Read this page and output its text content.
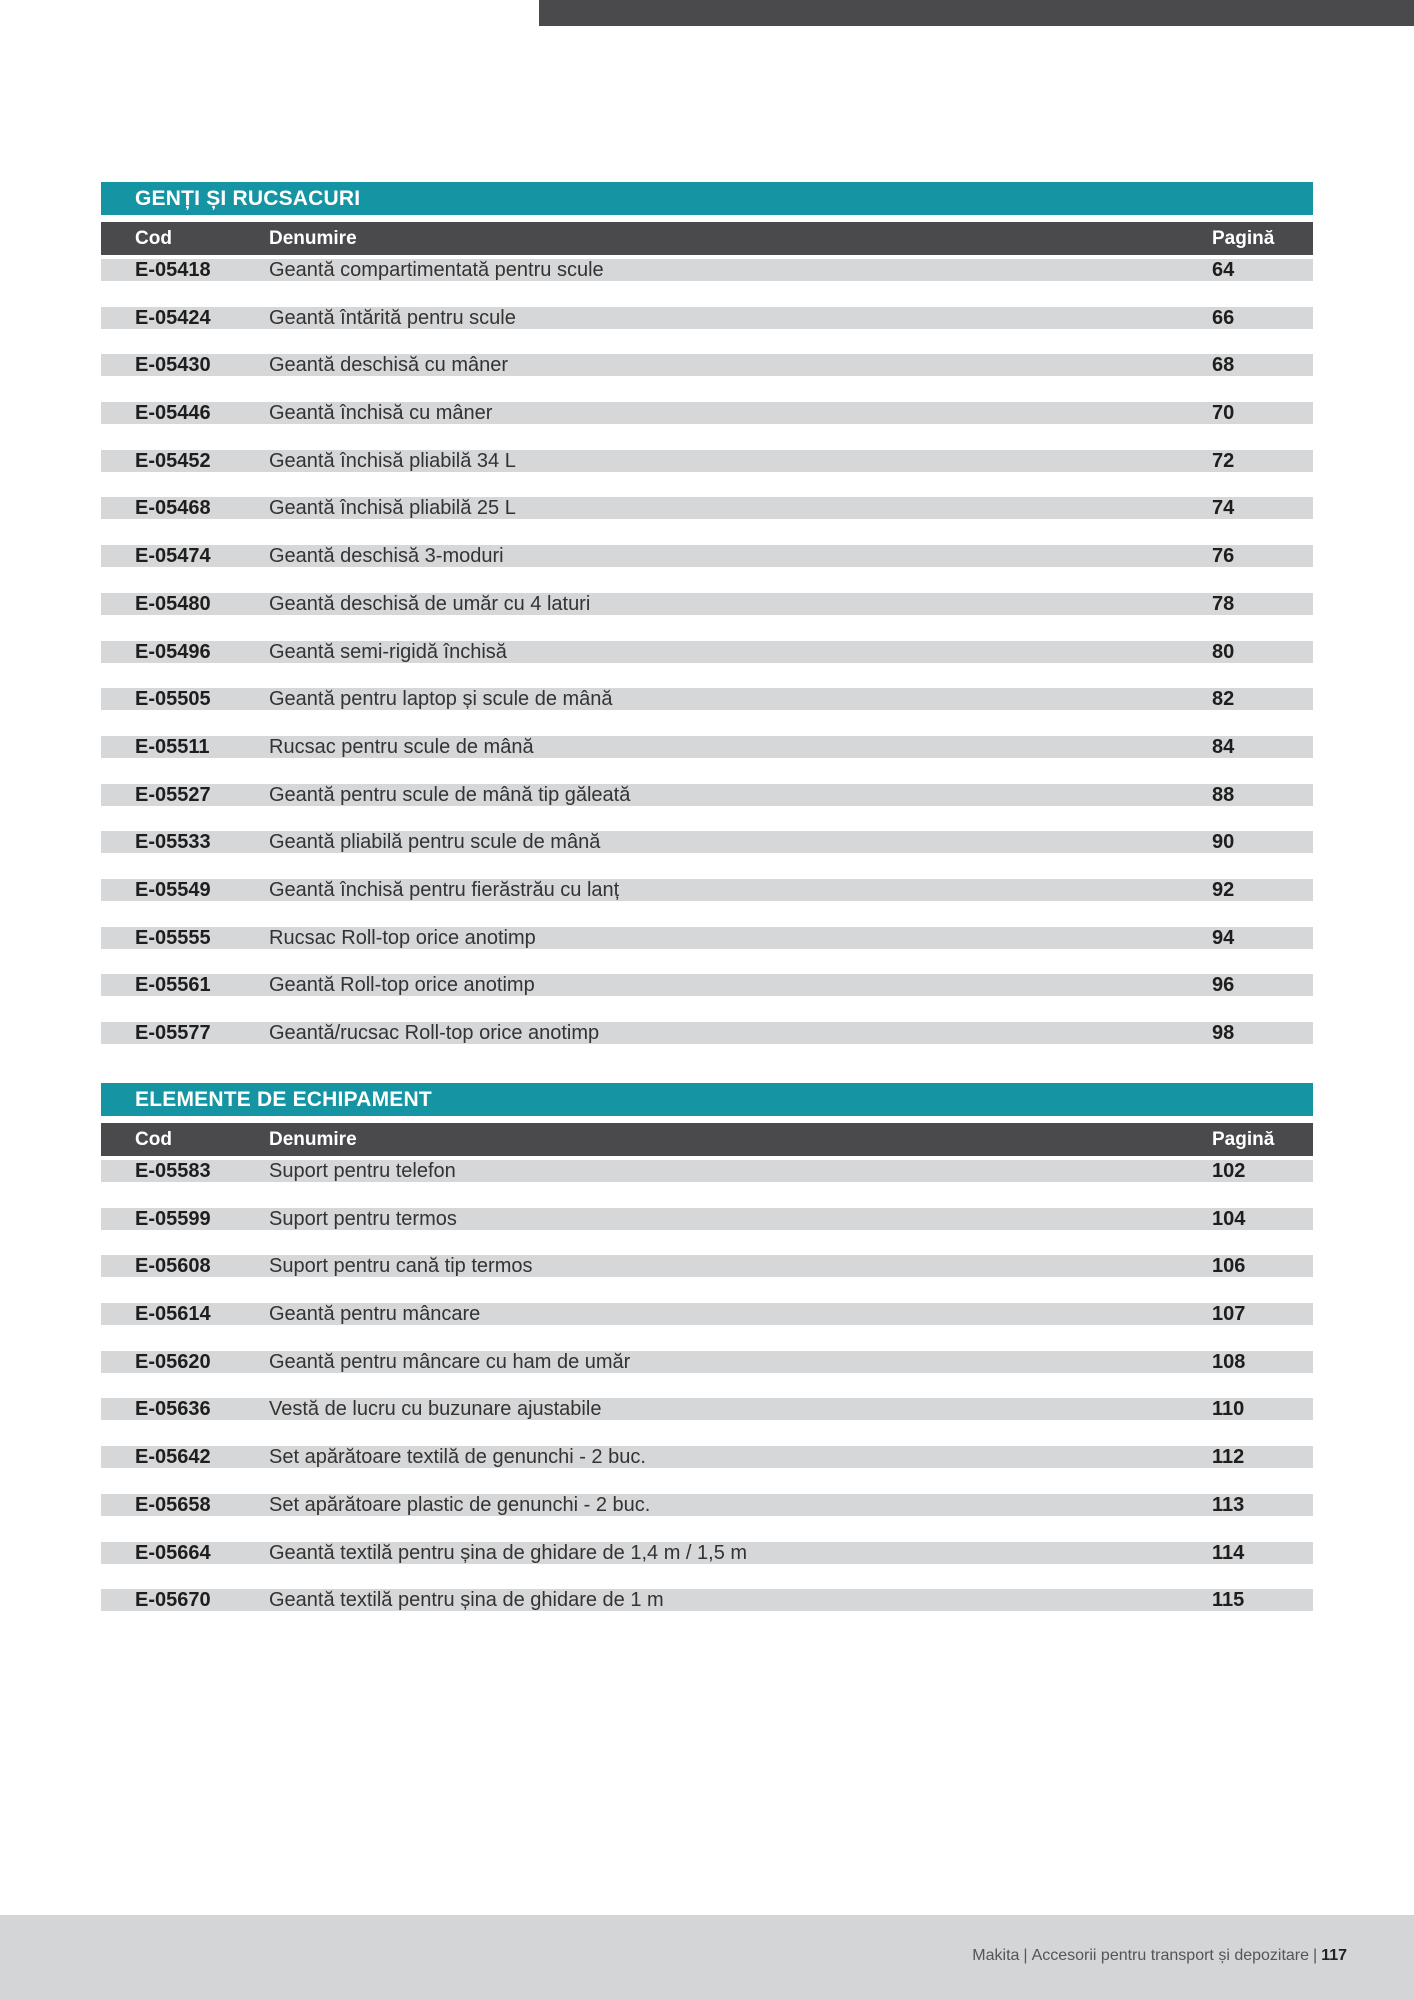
GENȚI ȘI RUCSACURI
Cod	Denumire	Pagină
E-05418	Geantă compartimentată pentru scule	64
E-05424	Geantă întărită pentru scule	66
E-05430	Geantă deschisă cu mâner	68
E-05446	Geantă închisă cu mâner	70
E-05452	Geantă închisă pliabilă 34 L	72
E-05468	Geantă închisă pliabilă 25 L	74
E-05474	Geantă deschisă 3-moduri	76
E-05480	Geantă deschisă de umăr cu 4 laturi	78
E-05496	Geantă semi-rigidă închisă	80
E-05505	Geantă pentru laptop și scule de mână	82
E-05511	Rucsac pentru scule de mână	84
E-05527	Geantă pentru scule de mână tip găleată	88
E-05533	Geantă pliabilă pentru scule de mână	90
E-05549	Geantă închisă pentru fierăstrău cu lanț	92
E-05555	Rucsac Roll-top orice anotimp	94
E-05561	Geantă Roll-top orice anotimp	96
E-05577	Geantă/rucsac Roll-top orice anotimp	98
ELEMENTE DE ECHIPAMENT
Cod	Denumire	Pagină
E-05583	Suport pentru telefon	102
E-05599	Suport pentru termos	104
E-05608	Suport pentru cană tip termos	106
E-05614	Geantă pentru mâncare	107
E-05620	Geantă pentru mâncare cu ham de umăr	108
E-05636	Vestă de lucru cu buzunare ajustabile	110
E-05642	Set apărătoare textilă de genunchi - 2 buc.	112
E-05658	Set apărătoare plastic de genunchi - 2 buc.	113
E-05664	Geantă textilă pentru șina de ghidare de 1,4 m / 1,5 m	114
E-05670	Geantă textilă pentru șina de ghidare de 1 m	115
Makita | Accesorii pentru transport și depozitare | 117
